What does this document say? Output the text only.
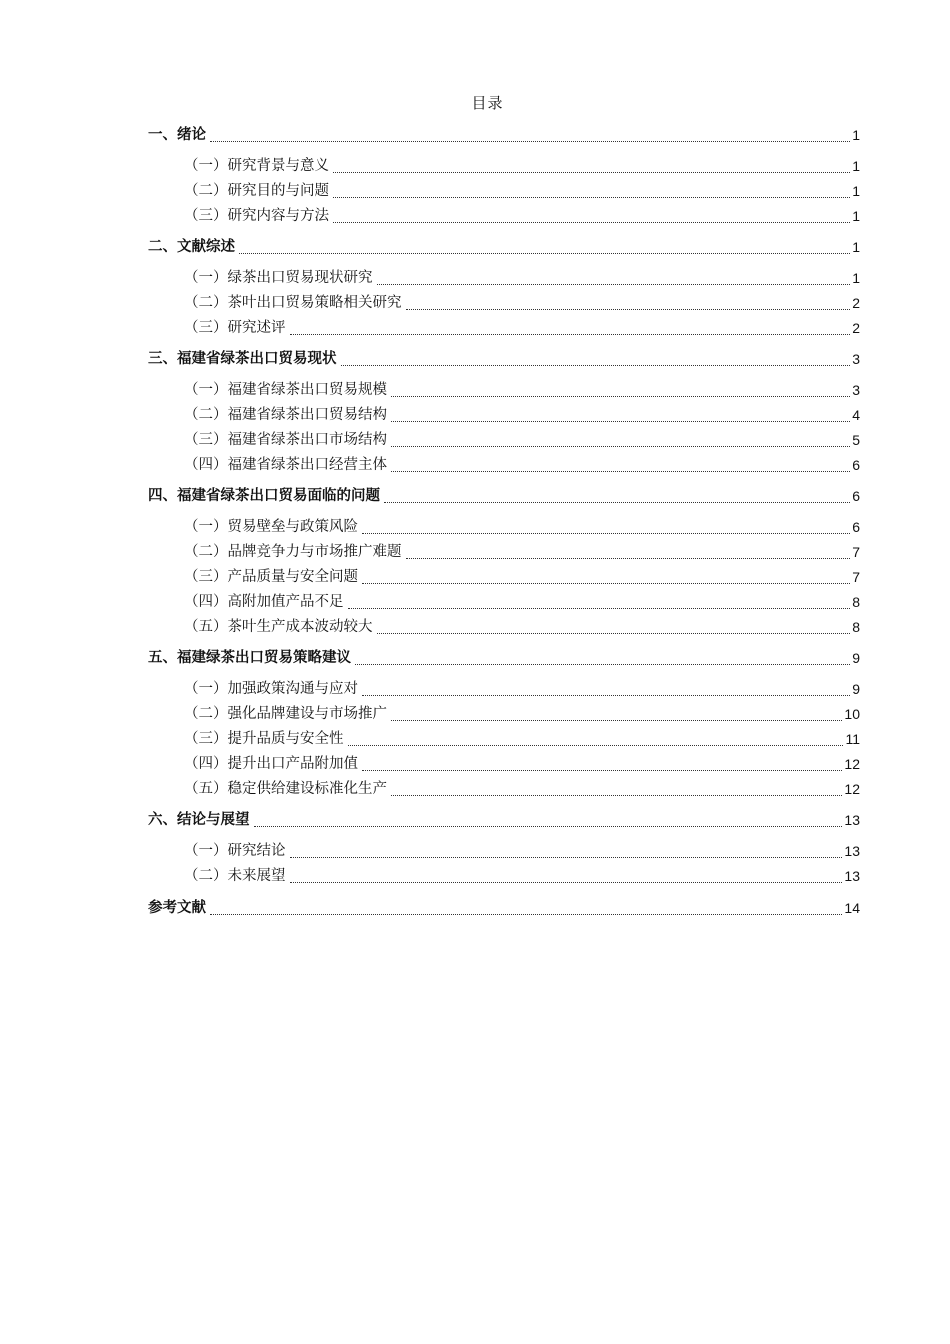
目录
一、绪论	1
（一）研究背景与意义	1
（二）研究目的与问题	1
（三）研究内容与方法	1
二、文献综述	1
（一）绿茶出口贸易现状研究	1
（二）茶叶出口贸易策略相关研究	2
（三）研究述评	2
三、福建省绿茶出口贸易现状	3
（一）福建省绿茶出口贸易规模	3
（二）福建省绿茶出口贸易结构	4
（三）福建省绿茶出口市场结构	5
（四）福建省绿茶出口经营主体	6
四、福建省绿茶出口贸易面临的问题	6
（一）贸易壁垒与政策风险	6
（二）品牌竞争力与市场推广难题	7
（三）产品质量与安全问题	7
（四）高附加值产品不足	8
（五）茶叶生产成本波动较大	8
五、福建绿茶出口贸易策略建议	9
（一）加强政策沟通与应对	9
（二）强化品牌建设与市场推广	10
（三）提升品质与安全性	11
（四）提升出口产品附加值	12
（五）稳定供给建设标准化生产	12
六、结论与展望	13
（一）研究结论	13
（二）未来展望	13
参考文献	14
